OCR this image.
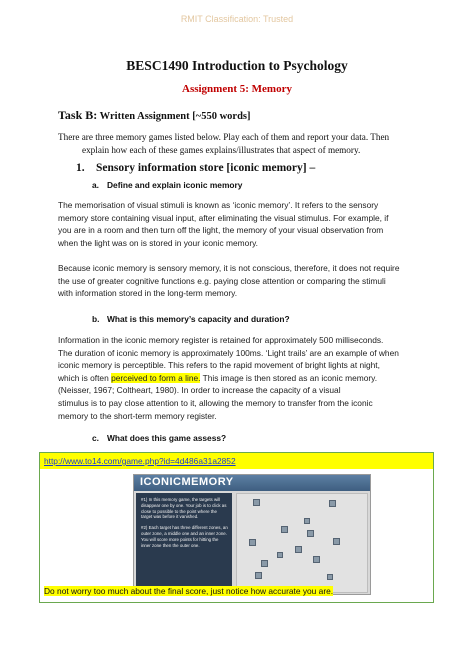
RMIT Classification: Trusted
BESC1490 Introduction to Psychology
Assignment 5: Memory
Task B: Written Assignment [~550 words]
There are three memory games listed below. Play each of them and report your data. Then
explain how each of these games explains/illustrates that aspect of memory.
1. Sensory information store [iconic memory] –
a. Define and explain iconic memory
The memorisation of visual stimuli is known as ‘iconic memory’. It refers to the sensory
memory store containing visual input, after eliminating the visual stimulus. For example, if
you are in a room and then turn off the light, the memory of your visual observation from
when the light was on is stored in your iconic memory.
Because iconic memory is sensory memory, it is not conscious, therefore, it does not require
the use of greater cognitive functions e.g. paying close attention or comparing the stimuli
with information stored in the long-term memory.
b. What is this memory’s capacity and duration?
Information in the iconic memory register is retained for approximately 500 milliseconds.
The duration of iconic memory is approximately 100ms. ‘Light trails’ are an example of when
iconic memory is perceptible. This refers to the rapid movement of bright lights at night,
which is often perceived to form a line. This image is then stored as an iconic memory.
(Neisser, 1967; Coltheart, 1980). In order to increase the capacity of a visual
stimulus is to pay close attention to it, allowing the memory to transfer from the iconic
memory to the short-term memory register.
c. What does this game assess?
http://www.to14.com/game.php?id=4d486a31a2852
ICONICMEMORY

#1) In this memory game, the targets will disappear one by one. Your job is to click as close to possible to the point where the target was before it vanished.

#2) Each target has three different zones, an outer zone, a middle one and an inner zone. You will score more points for hitting the inner zone then the outer one.

Do not worry too much about the final score, just notice how accurate you are.
